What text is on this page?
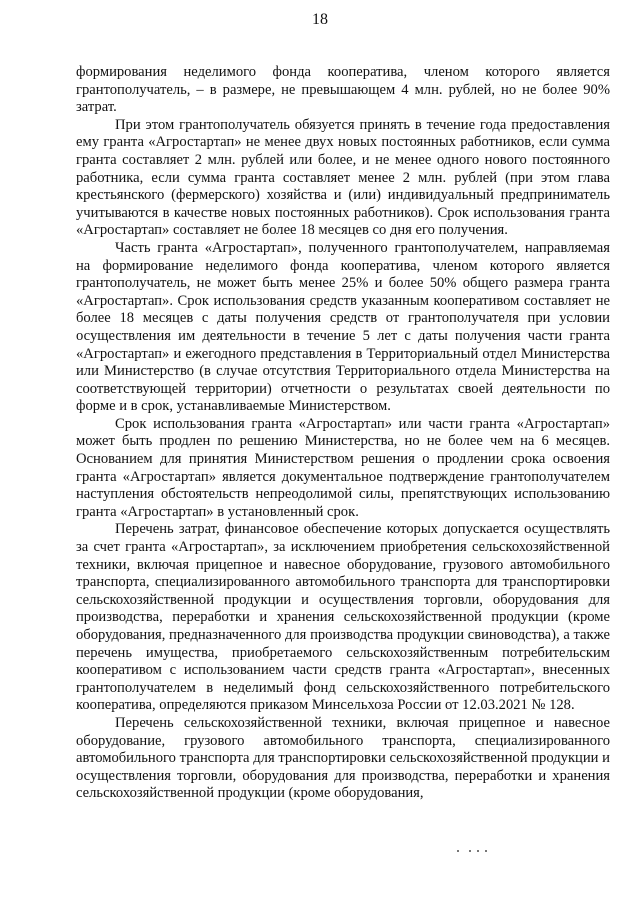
18

формирования неделимого фонда кооператива, членом которого является грантополучатель, – в размере, не превышающем 4 млн. рублей, но не более 90% затрат.

При этом грантополучатель обязуется принять в течение года предоставления ему гранта «Агростартап» не менее двух новых постоянных работников, если сумма гранта составляет 2 млн. рублей или более, и не менее одного нового постоянного работника, если сумма гранта составляет менее 2 млн. рублей (при этом глава крестьянского (фермерского) хозяйства и (или) индивидуальный предприниматель учитываются в качестве новых постоянных работников). Срок использования гранта «Агростартап» составляет не более 18 месяцев со дня его получения.

Часть гранта «Агростартап», полученного грантополучателем, направляемая на формирование неделимого фонда кооператива, членом которого является грантополучатель, не может быть менее 25% и более 50% общего размера гранта «Агростартап». Срок использования средств указанным кооперативом составляет не более 18 месяцев с даты получения средств от грантополучателя при условии осуществления им деятельности в течение 5 лет с даты получения части гранта «Агростартап» и ежегодного представления в Территориальный отдел Министерства или Министерство (в случае отсутствия Территориального отдела Министерства на соответствующей территории) отчетности о результатах своей деятельности по форме и в срок, устанавливаемые Министерством.

Срок использования гранта «Агростартап» или части гранта «Агростартап» может быть продлен по решению Министерства, но не более чем на 6 месяцев. Основанием для принятия Министерством решения о продлении срока освоения гранта «Агростартап» является документальное подтверждение грантополучателем наступления обстоятельств непреодолимой силы, препятствующих использованию гранта «Агростартап» в установленный срок.

Перечень затрат, финансовое обеспечение которых допускается осуществлять за счет гранта «Агростартап», за исключением приобретения сельскохозяйственной техники, включая прицепное и навесное оборудование, грузового автомобильного транспорта, специализированного автомобильного транспорта для транспортировки сельскохозяйственной продукции и осуществления торговли, оборудования для производства, переработки и хранения сельскохозяйственной продукции (кроме оборудования, предназначенного для производства продукции свиноводства), а также перечень имущества, приобретаемого сельскохозяйственным потребительским кооперативом с использованием части средств гранта «Агростартап», внесенных грантополучателем в неделимый фонд сельскохозяйственного потребительского кооператива, определяются приказом Минсельхоза России от 12.03.2021 № 128.

Перечень сельскохозяйственной техники, включая прицепное и навесное оборудование, грузового автомобильного транспорта, специализированного автомобильного транспорта для транспортировки сельскохозяйственной продукции и осуществления торговли, оборудования для производства, переработки и хранения сельскохозяйственной продукции (кроме оборудования,
